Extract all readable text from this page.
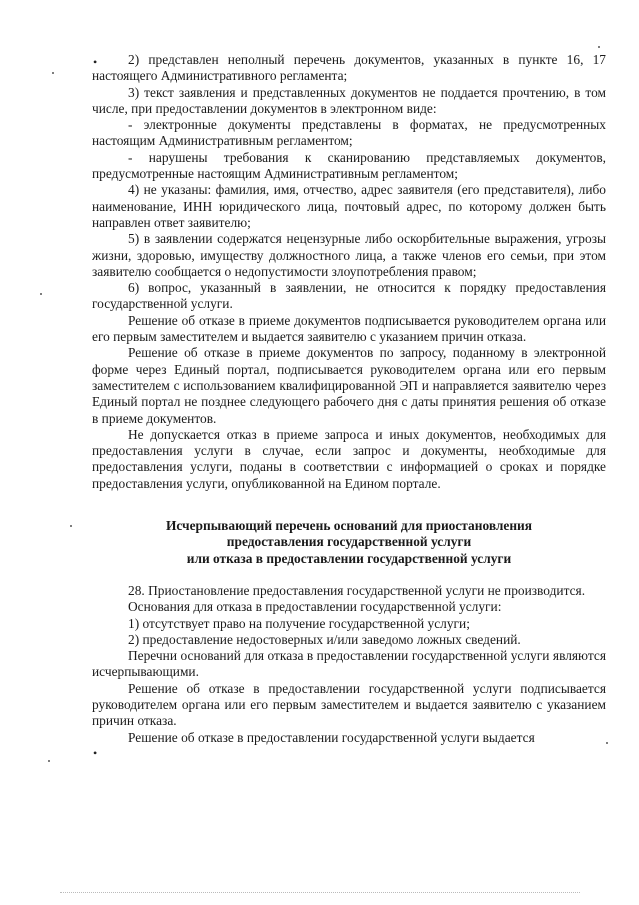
2) представлен неполный перечень документов, указанных в пункте 16, 17 настоящего Административного регламента;

3) текст заявления и представленных документов не поддается прочтению, в том числе, при предоставлении документов в электронном виде:

- электронные документы представлены в форматах, не предусмотренных настоящим Административным регламентом;

- нарушены требования к сканированию представляемых документов, предусмотренные настоящим Административным регламентом;

4) не указаны: фамилия, имя, отчество, адрес заявителя (его представителя), либо наименование, ИНН юридического лица, почтовый адрес, по которому должен быть направлен ответ заявителю;

5) в заявлении содержатся нецензурные либо оскорбительные выражения, угрозы жизни, здоровью, имуществу должностного лица, а также членов его семьи, при этом заявителю сообщается о недопустимости злоупотребления правом;

6) вопрос, указанный в заявлении, не относится к порядку предоставления государственной услуги.

Решение об отказе в приеме документов подписывается руководителем органа или его первым заместителем и выдается заявителю с указанием причин отказа.

Решение об отказе в приеме документов по запросу, поданному в электронной форме через Единый портал, подписывается руководителем органа или его первым заместителем с использованием квалифицированной ЭП и направляется заявителю через Единый портал не позднее следующего рабочего дня с даты принятия решения об отказе в приеме документов.

Не допускается отказ в приеме запроса и иных документов, необходимых для предоставления услуги в случае, если запрос и документы, необходимые для предоставления услуги, поданы в соответствии с информацией о сроках и порядке предоставления услуги, опубликованной на Едином портале.

Исчерпывающий перечень оснований для приостановления

предоставления государственной услуги

или отказа в предоставлении государственной услуги

28. Приостановление предоставления государственной услуги не производится.

Основания для отказа в предоставлении государственной услуги:

1) отсутствует право на получение государственной услуги;

2) предоставление недостоверных и/или заведомо ложных сведений.

Перечни оснований для отказа в предоставлении государственной услуги являются исчерпывающими.

Решение об отказе в предоставлении государственной услуги подписывается руководителем органа или его первым заместителем и выдается заявителю с указанием причин отказа.

Решение об отказе в предоставлении государственной услуги выдается

•
•
